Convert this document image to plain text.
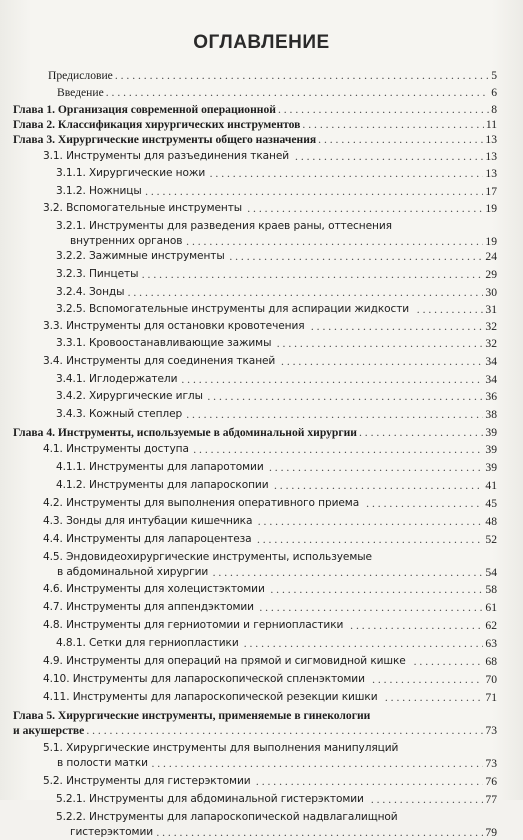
ОГЛАВЛЕНИЕ
Предисловие	5
. . .
Введение	6
. . .
Глава 1. Организация современной операционной	8
. . .
Глава 2. Классификация хирургических инструментов	11
. . .
Глава 3. Хирургические инструменты общего назначения	13
. . .
3.1. Инструменты для разъединения тканей	13
. . .
3.1.1. Хирургические ножи	13
. . .
3.1.2. Ножницы	17
. . .
3.2. Вспомогательные инструменты	19
. . .
3.2.1. Инструменты для разведения краев раны, оттеснения
внутренних органов	19
. . .
3.2.2. Зажимные инструменты	24
. . .
3.2.3. Пинцеты	29
. . .
3.2.4. Зонды	30
. . .
3.2.5. Вспомогательные инструменты для аспирации жидкости	31
. . .
3.3. Инструменты для остановки кровотечения	32
. . .
3.3.1. Кровоостанавливающие зажимы	32
. . .
3.4. Инструменты для соединения тканей	34
. . .
3.4.1. Иглодержатели	34
. . .
3.4.2. Хирургические иглы	36
. . .
3.4.3. Кожный степлер	38
. . .
Глава 4. Инструменты, используемые в абдоминальной хирургии	39
. . .
4.1. Инструменты доступа	39
. . .
4.1.1. Инструменты для лапаротомии	39
. . .
4.1.2. Инструменты для лапароскопии	41
. . .
4.2. Инструменты для выполнения оперативного приема	45
. . .
4.3. Зонды для интубации кишечника	48
. . .
4.4. Инструменты для лапароцентеза	52
. . .
4.5. Эндовидеохирургические инструменты, используемые
в абдоминальной хирургии	54
. . .
4.6. Инструменты для холецистэктомии	58
. . .
4.7. Инструменты для аппендэктомии	61
. . .
4.8. Инструменты для герниотомии и герниопластики	62
. . .
4.8.1. Сетки для герниопластики	63
. . .
4.9. Инструменты для операций на прямой и сигмовидной кишке	68
. . .
4.10. Инструменты для лапароскопической спленэктомии	70
. . .
4.11. Инструменты для лапароскопической резекции кишки	71
. . .
Глава 5. Хирургические инструменты, применяемые в гинекологии
и акушерстве	73
. . .
5.1. Хирургические инструменты для выполнения манипуляций
в полости матки	73
. . .
5.2. Инструменты для гистерэктомии	76
. . .
5.2.1. Инструменты для абдоминальной гистерэктомии	77
. . .
5.2.2. Инструменты для лапароскопической надвлагалищной
гистерэктомии	79
. . .
